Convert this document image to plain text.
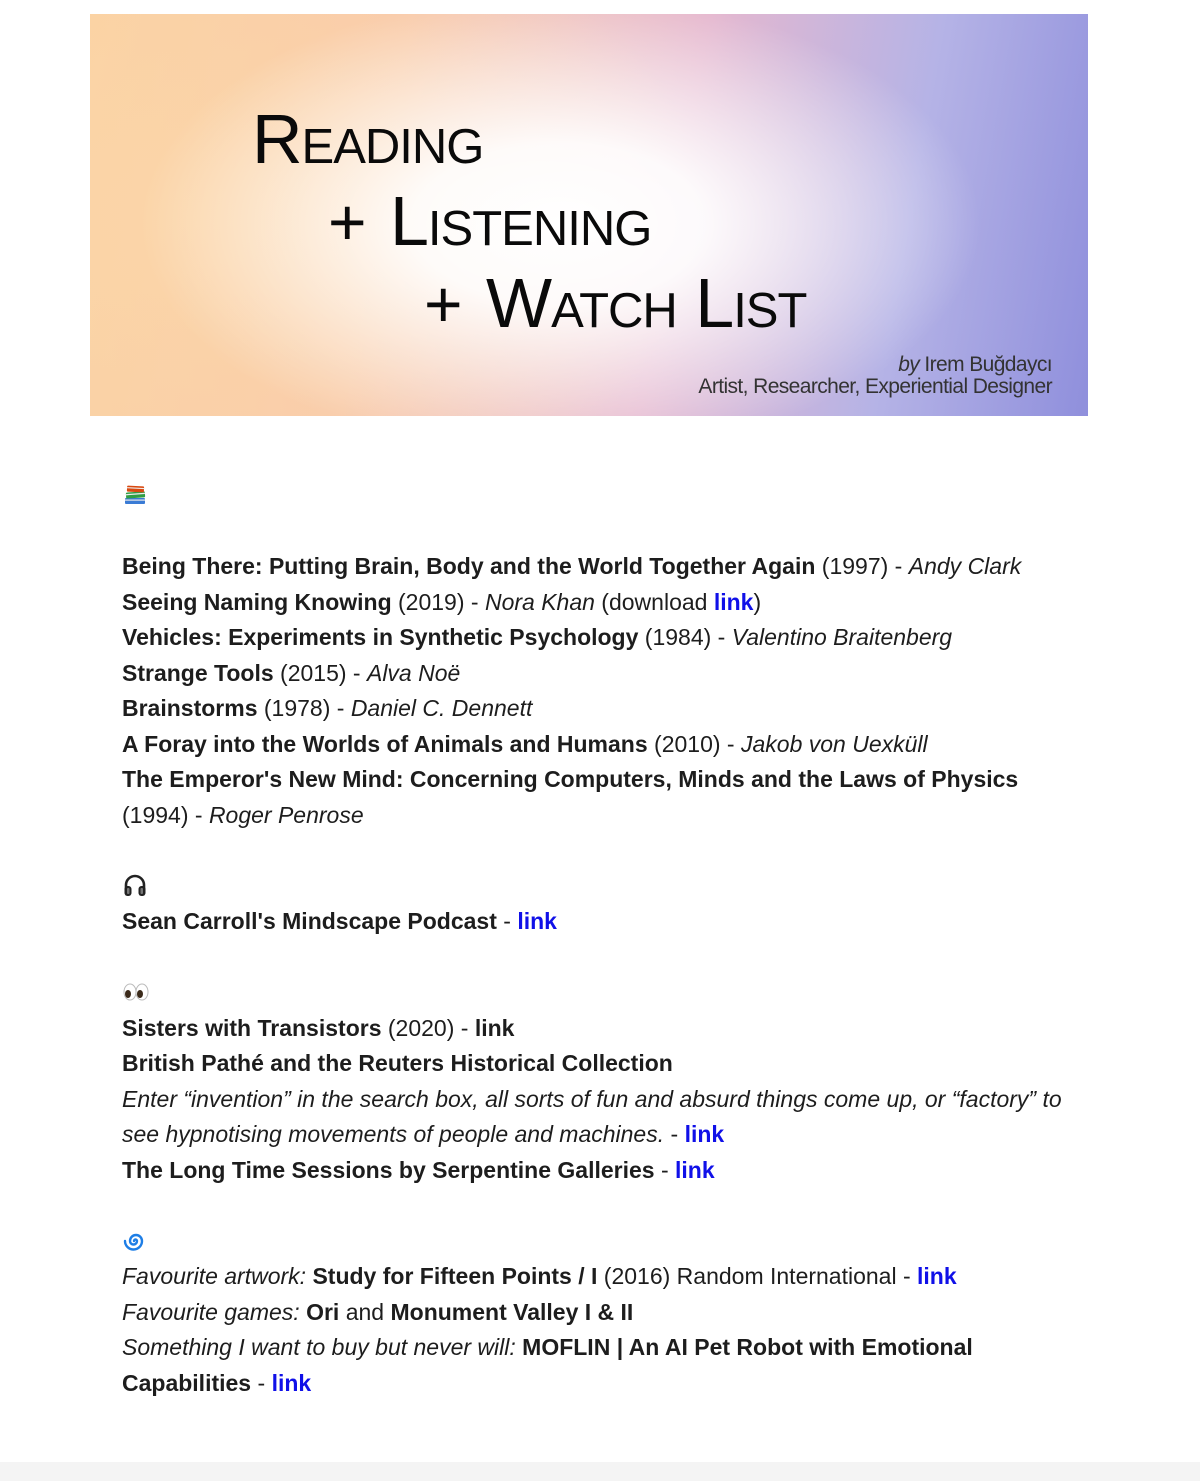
Reading
+ Listening
+ Watch List
by Irem Buğdaycı
Artist, Researcher, Experiential Designer

Being There: Putting Brain, Body and the World Together Again (1997) - Andy Clark

Seeing Naming Knowing (2019) - Nora Khan (download link)

Vehicles: Experiments in Synthetic Psychology (1984) - Valentino Braitenberg

Strange Tools (2015) - Alva Noë

Brainstorms (1978) - Daniel C. Dennett

A Foray into the Worlds of Animals and Humans (2010) - Jakob von Uexküll

The Emperor's New Mind: Concerning Computers, Minds and the Laws of Physics (1994) - Roger Penrose

Sean Carroll's Mindscape Podcast - link

Sisters with Transistors (2020) - link

British Pathé and the Reuters Historical Collection

Enter “invention” in the search box, all sorts of fun and absurd things come up, or “factory” to see hypnotising movements of people and machines. - link

The Long Time Sessions by Serpentine Galleries - link

Favourite artwork: Study for Fifteen Points / I (2016) Random International - link

Favourite games: Ori and Monument Valley I & II

Something I want to buy but never will: MOFLIN | An AI Pet Robot with Emotional Capabilities - link
